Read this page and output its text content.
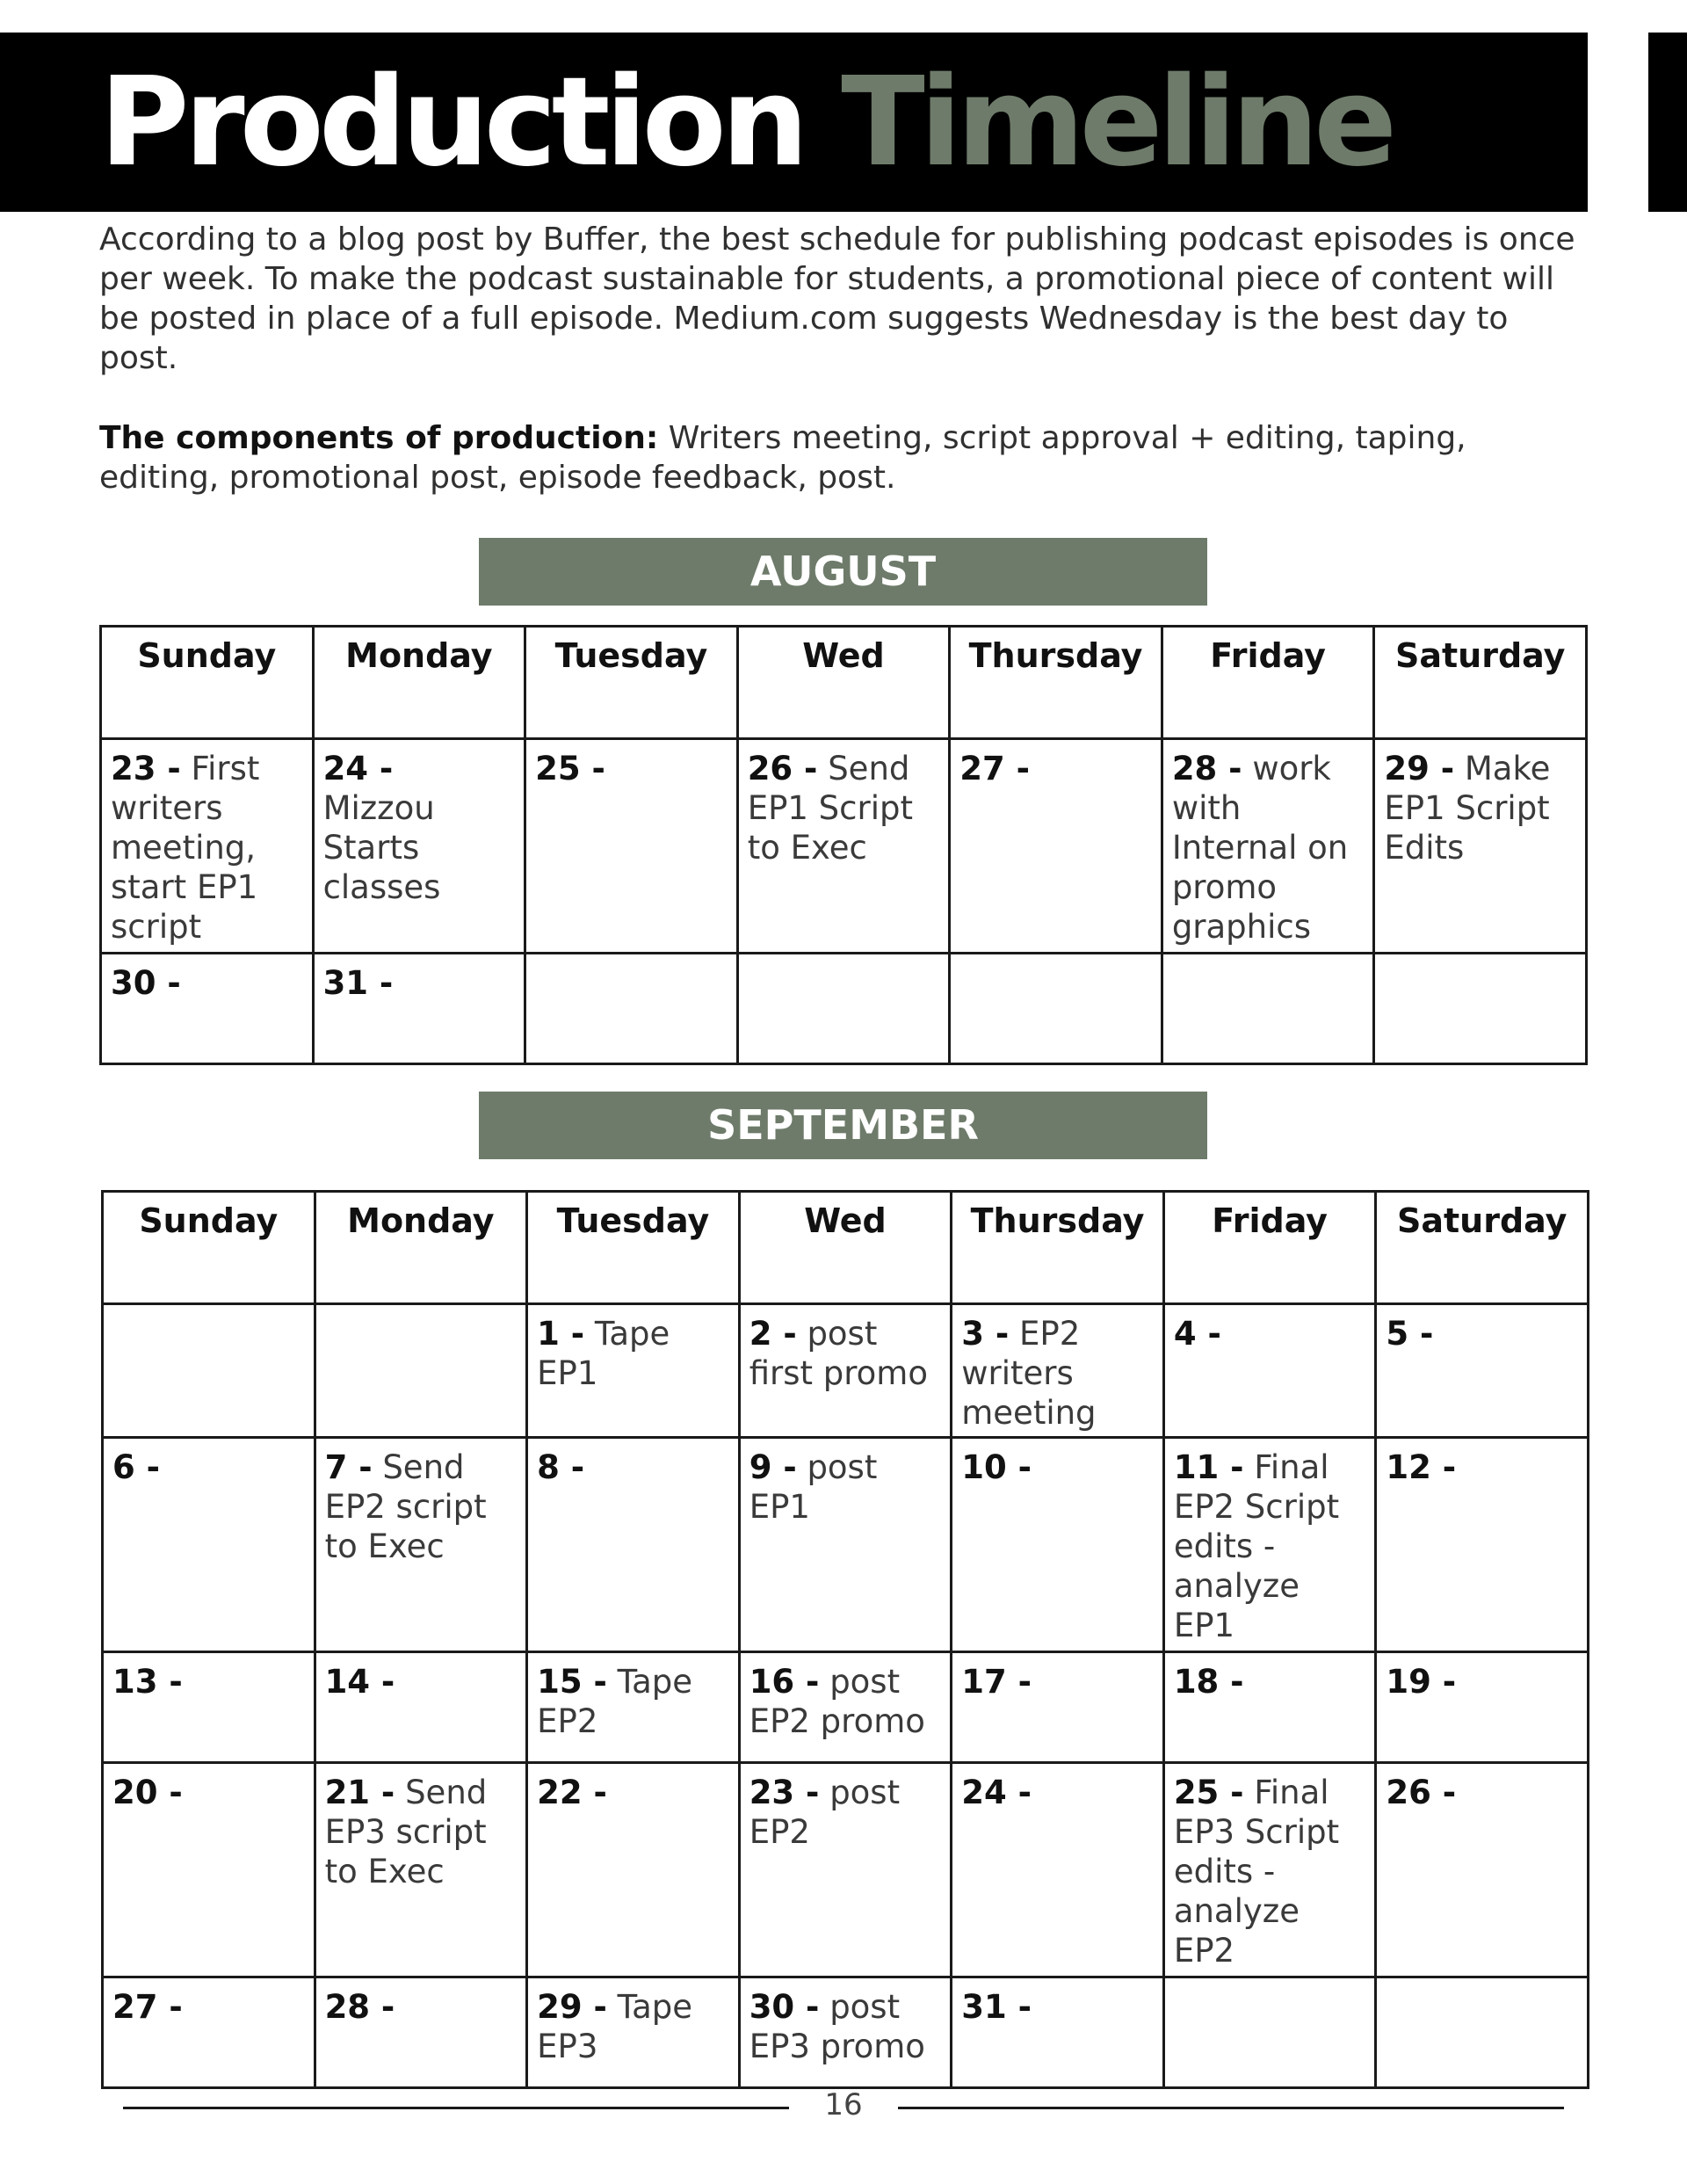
Production Timeline

According to a blog post by Buffer, the best schedule for publishing podcast episodes is once per week. To make the podcast sustainable for students, a promotional piece of content will be posted in place of a full episode. Medium.com suggests Wednesday is the best day to post.

The components of production: Writers meeting, script approval + editing, taping, editing, promotional post, episode feedback, post.

AUGUST
Sunday	Monday	Tuesday	Wed	Thursday	Friday	Saturday
23 - First writers meeting, start EP1 script	24 - Mizzou Starts classes	25 -	26 - Send EP1 Script to Exec	27 -	28 - work with Internal on promo graphics	29 - Make EP1 Script Edits
30 -	31 -					
SEPTEMBER
Sunday	Monday	Tuesday	Wed	Thursday	Friday	Saturday
		1 - Tape EP1	2 - post first promo	3 - EP2 writers meeting	4 -	5 -
6 -	7 - Send EP2 script to Exec	8 -	9 - post EP1	10 -	11 - Final EP2 Script edits -analyze EP1	12 -
13 -	14 -	15 - Tape EP2	16 - post EP2 promo	17 -	18 -	19 -
20 -	21 - Send EP3 script to Exec	22 -	23 - post EP2	24 -	25 - Final EP3 Script edits -analyze EP2	26 -
27 -	28 -	29 - Tape EP3	30 - post EP3 promo	31 -		
16
